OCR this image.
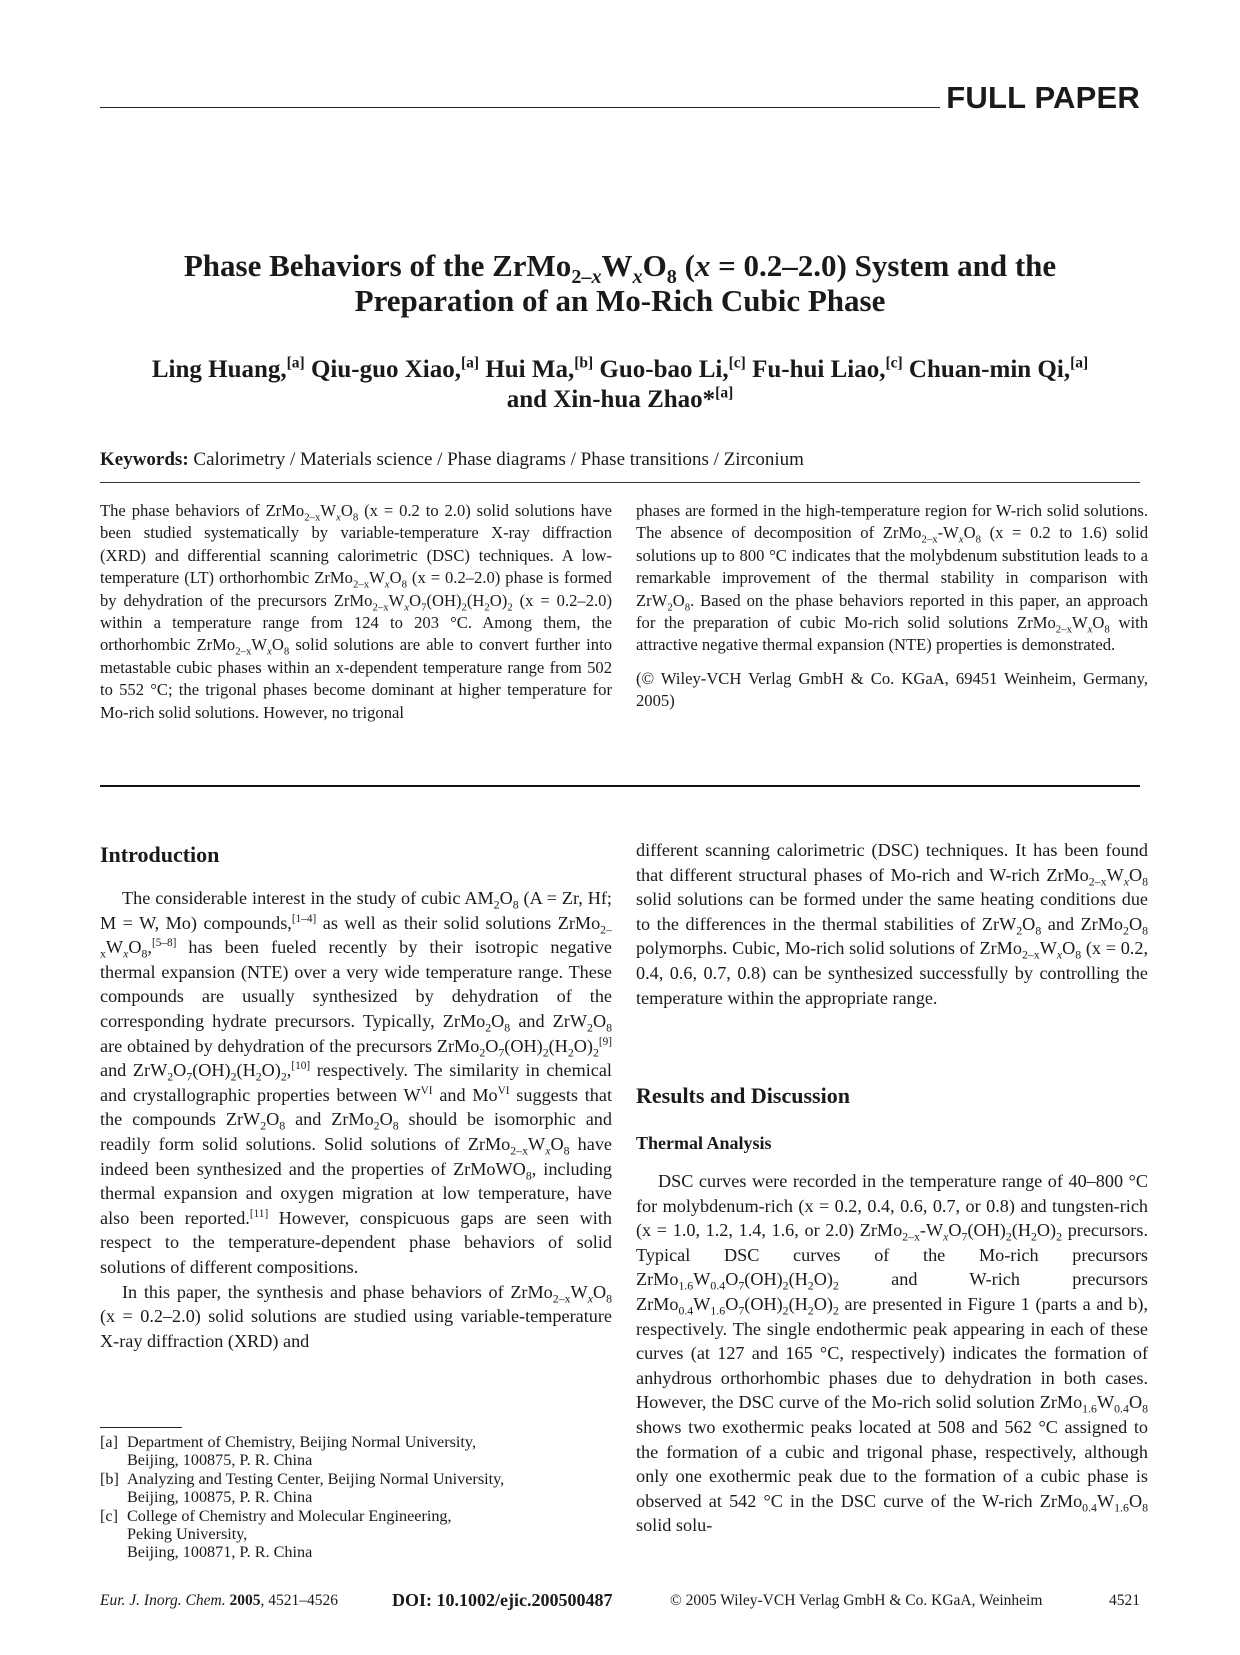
FULL PAPER
Phase Behaviors of the $ZrMo_{2-x}W_xO_8$ (x = 0.2–2.0) System and the
Preparation of an Mo-Rich Cubic Phase
Ling Huang,[a] Qiu-guo Xiao,[a] Hui Ma,[b] Guo-bao Li,[c] Fu-hui Liao,[c] Chuan-min Qi,[a]
and Xin-hua Zhao*[a]
Keywords: Calorimetry / Materials science / Phase diagrams / Phase transitions / Zirconium

The phase behaviors of $ZrMo_{2-x}W_xO_8$ (x = 0.2 to 2.0) solid solutions have been studied systematically by variable-temperature X-ray diffraction (XRD) and differential scanning calorimetric (DSC) techniques. A low-temperature (LT) orthorhombic $ZrMo_{2-x}W_xO_8$ (x = 0.2–2.0) phase is formed by dehydration of the precursors $ZrMo_{2-x}W_xO_7(OH)_2(H_2O)_2$ (x = 0.2–2.0) within a temperature range from 124 to 203 °C. Among them, the orthorhombic $ZrMo_{2-x}W_xO_8$ solid solutions are able to convert further into metastable cubic phases within an x-dependent temperature range from 502 to 552 °C; the trigonal phases become dominant at higher temperature for Mo-rich solid solutions. However, no trigonal

phases are formed in the high-temperature region for W-rich solid solutions. The absence of decomposition of $ZrMo_{2-x}-W_xO_8$ (x = 0.2 to 1.6) solid solutions up to 800 °C indicates that the molybdenum substitution leads to a remarkable improvement of the thermal stability in comparison with $ZrW_2O_8$. Based on the phase behaviors reported in this paper, an approach for the preparation of cubic Mo-rich solid solutions $ZrMo_{2-x}W_xO_8$ with attractive negative thermal expansion (NTE) properties is demonstrated.

(© Wiley-VCH Verlag GmbH & Co. KGaA, 69451 Weinheim, Germany, 2005)

Introduction

The considerable interest in the study of cubic $AM_2O_8$ (A = Zr, Hf; M = W, Mo) compounds,[1–4] as well as their solid solutions $ZrMo_{2-x}W_xO_8,[5-8]$ has been fueled recently by their isotropic negative thermal expansion (NTE) over a very wide temperature range. These compounds are usually synthesized by dehydration of the corresponding hydrate precursors. Typically, $ZrMo_2O_8$ and $ZrW_2O_8$ are obtained by dehydration of the precursors $ZrMo_2O_7(OH)_2(H_2O)_2[9]$ and $ZrW_2O_7(OH)_2(H_2O)_2,[10]$ respectively. The similarity in chemical and crystallographic properties between $W^{VI}$ and $Mo^{VI}$ suggests that the compounds $ZrW_2O_8$ and $ZrMo_2O_8$ should be isomorphic and readily form solid solutions. Solid solutions of $ZrMo_{2-x}W_xO_8$ have indeed been synthesized and the properties of ZrMoWO$_8$, including thermal expansion and oxygen migration at low temperature, have also been reported.[11] However, conspicuous gaps are seen with respect to the temperature-dependent phase behaviors of solid solutions of different compositions.

In this paper, the synthesis and phase behaviors of $ZrMo_{2-x}W_xO_8$ (x = 0.2–2.0) solid solutions are studied using variable-temperature X-ray diffraction (XRD) and

different scanning calorimetric (DSC) techniques. It has been found that different structural phases of Mo-rich and W-rich $ZrMo_{2-x}W_xO_8$ solid solutions can be formed under the same heating conditions due to the differences in the thermal stabilities of $ZrW_2O_8$ and $ZrMo_2O_8$ polymorphs. Cubic, Mo-rich solid solutions of $ZrMo_{2-x}W_xO_8$ (x = 0.2, 0.4, 0.6, 0.7, 0.8) can be synthesized successfully by controlling the temperature within the appropriate range.

Results and Discussion
Thermal Analysis

DSC curves were recorded in the temperature range of 40–800 °C for molybdenum-rich (x = 0.2, 0.4, 0.6, 0.7, or 0.8) and tungsten-rich (x = 1.0, 1.2, 1.4, 1.6, or 2.0) $ZrMo_{2-x}-W_xO_7(OH)_2(H_2O)_2$ precursors. Typical DSC curves of the Mo-rich precursors $ZrMo_{1.6}W_{0.4}O_7(OH)_2(H_2O)_2$ and W-rich precursors $ZrMo_{0.4}W_{1.6}O_7(OH)_2(H_2O)_2$ are presented in Figure 1 (parts a and b), respectively. The single endothermic peak appearing in each of these curves (at 127 and 165 °C, respectively) indicates the formation of anhydrous orthorhombic phases due to dehydration in both cases. However, the DSC curve of the Mo-rich solid solution $ZrMo_{1.6}W_{0.4}O_8$ shows two exothermic peaks located at 508 and 562 °C assigned to the formation of a cubic and trigonal phase, respectively, although only one exothermic peak due to the formation of a cubic phase is observed at 542 °C in the DSC curve of the W-rich $ZrMo_{0.4}W_{1.6}O_8$ solid solu-

[a] Department of Chemistry, Beijing Normal University,
Beijing, 100875, P. R. China
[b] Analyzing and Testing Center, Beijing Normal University,
Beijing, 100875, P. R. China
[c] College of Chemistry and Molecular Engineering,
Peking University,
Beijing, 100871, P. R. China
Eur. J. Inorg. Chem. 2005, 4521–4526	DOI: 10.1002/ejic.200500487	© 2005 Wiley-VCH Verlag GmbH & Co. KGaA, Weinheim	4521
